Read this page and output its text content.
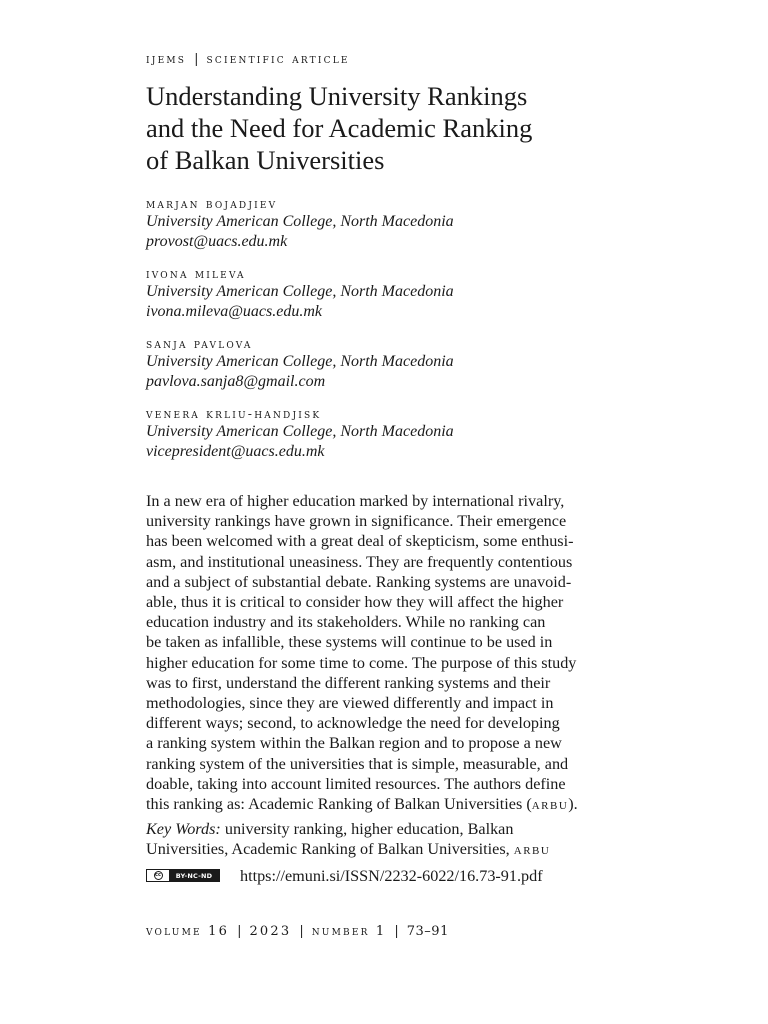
ijems | scientific article
Understanding University Rankings
and the Need for Academic Ranking
of Balkan Universities
marjan bojadjiev
University American College, North Macedonia
provost@uacs.edu.mk
ivona mileva
University American College, North Macedonia
ivona.mileva@uacs.edu.mk
sanja pavlova
University American College, North Macedonia
pavlova.sanja8@gmail.com
venera krliu-handjisk
University American College, North Macedonia
vicepresident@uacs.edu.mk
In a new era of higher education marked by international rivalry,
university rankings have grown in significance. Their emergence
has been welcomed with a great deal of skepticism, some enthusi-
asm, and institutional uneasiness. They are frequently contentious
and a subject of substantial debate. Ranking systems are unavoid-
able, thus it is critical to consider how they will affect the higher
education industry and its stakeholders. While no ranking can
be taken as infallible, these systems will continue to be used in
higher education for some time to come. The purpose of this study
was to first, understand the different ranking systems and their
methodologies, since they are viewed differently and impact in
different ways; second, to acknowledge the need for developing
a ranking system within the Balkan region and to propose a new
ranking system of the universities that is simple, measurable, and
doable, taking into account limited resources. The authors define
this ranking as: Academic Ranking of Balkan Universities (arbu).
Key Words: university ranking, higher education, Balkan
Universities, Academic Ranking of Balkan Universities, arbu
cc	BY-NC-ND	https://emuni.si/ISSN/2232-6022/16.73-91.pdf
volume 16 | 2023 | number 1 | 73–91
